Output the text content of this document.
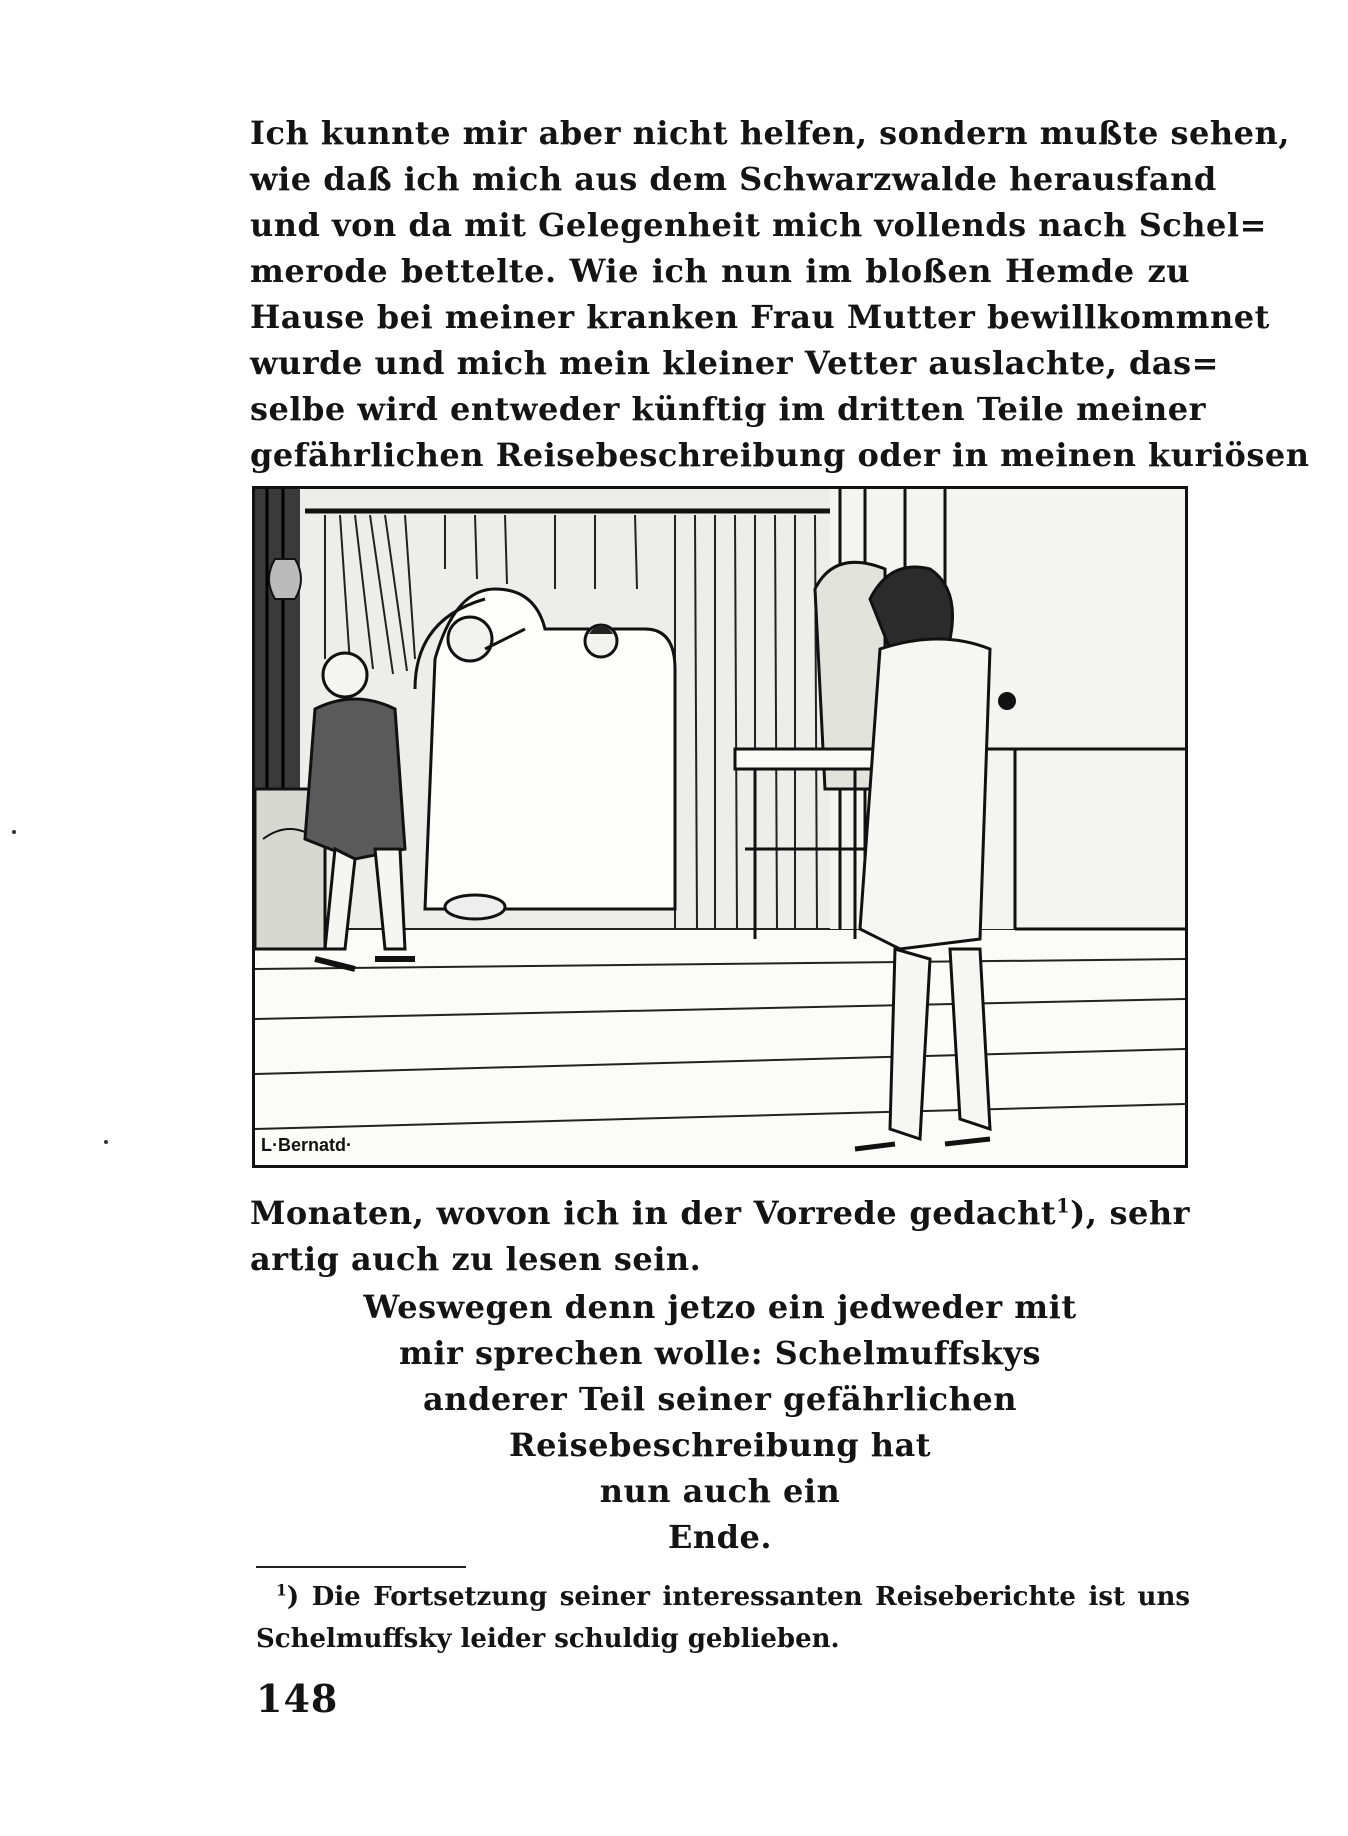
Ich kunnte mir aber nicht helfen, sondern mußte sehen,
wie daß ich mich aus dem Schwarzwalde herausfand
und von da mit Gelegenheit mich vollends nach Schel=
merode bettelte. Wie ich nun im bloßen Hemde zu
Hause bei meiner kranken Frau Mutter bewillkommnet
wurde und mich mein kleiner Vetter auslachte, das=
selbe wird entweder künftig im dritten Teile meiner
gefährlichen Reisebeschreibung oder in meinen kuriösen
L·Bernatd·
Monaten, wovon ich in der Vorrede gedacht$^1$), sehr
artig auch zu lesen sein.
Weswegen denn jetzo ein jedweder mit
mir sprechen wolle: Schelmuffskys
anderer Teil seiner gefährlichen
Reisebeschreibung hat
nun auch ein
Ende.
$^1$) Die Fortsetzung seiner interessanten Reiseberichte ist uns
Schelmuffsky leider schuldig geblieben.
148
